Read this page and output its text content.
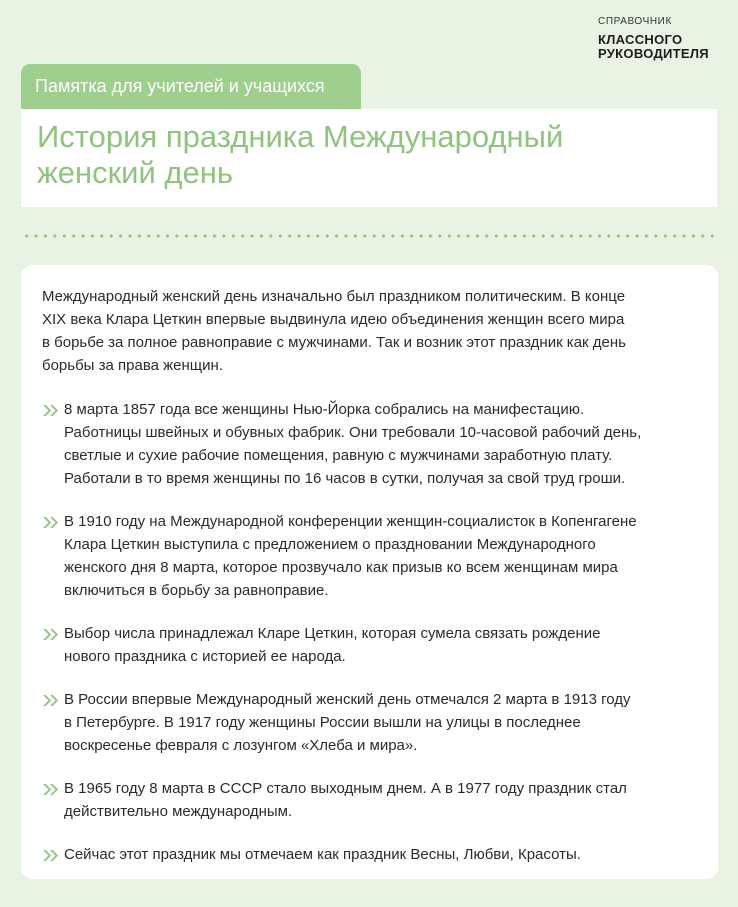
СПРАВОЧНИК
КЛАССНОГО
РУКОВОДИТЕЛЯ
Памятка для учителей и учащихся
История праздника Международный
женский день

Международный женский день изначально был праздником политическим. В конце
XIX века Клара Цеткин впервые выдвинула идею объединения женщин всего мира
в борьбе за полное равноправие с мужчинами. Так и возник этот праздник как день
борьбы за права женщин.

8 марта 1857 года все женщины Нью-Йорка собрались на манифестацию.
Работницы швейных и обувных фабрик. Они требовали 10-часовой рабочий день,
светлые и сухие рабочие помещения, равную с мужчинами заработную плату.
Работали в то время женщины по 16 часов в сутки, получая за свой труд гроши.
В 1910 году на Международной конференции женщин-социалисток в Копенгагене
Клара Цеткин выступила с предложением о праздновании Международного
женского дня 8 марта, которое прозвучало как призыв ко всем женщинам мира
включиться в борьбу за равноправие.
Выбор числа принадлежал Кларе Цеткин, которая сумела связать рождение
нового праздника с историей ее народа.
В России впервые Международный женский день отмечался 2 марта в 1913 году
в Петербурге. В 1917 году женщины России вышли на улицы в последнее
воскресенье февраля с лозунгом «Хлеба и мира».
В 1965 году 8 марта в СССР стало выходным днем. А в 1977 году праздник стал
действительно международным.
Сейчас этот праздник мы отмечаем как праздник Весны, Любви, Красоты.
